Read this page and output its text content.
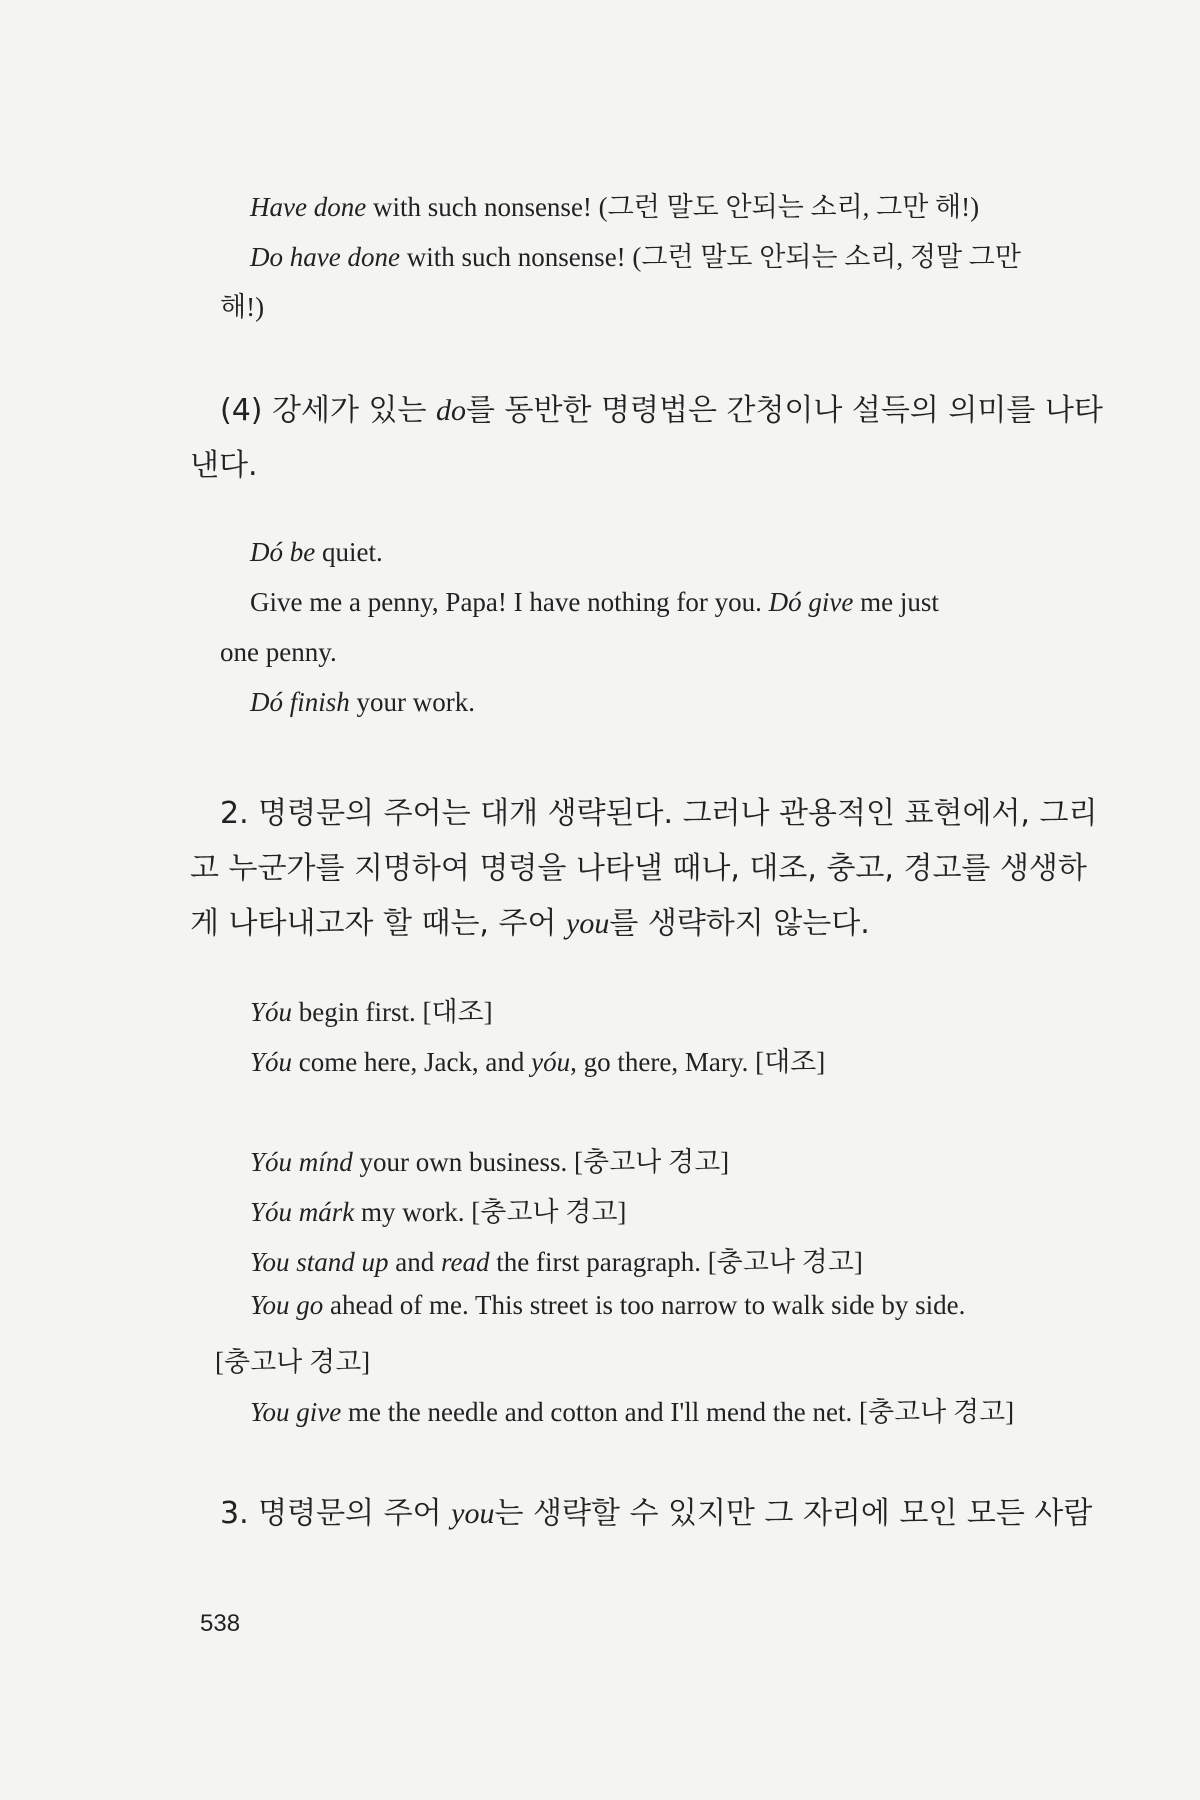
Have done with such nonsense! (그런 말도 안되는 소리, 그만 해!)
Do have done with such nonsense! (그런 말도 안되는 소리, 정말 그만
해!)
(4) 강세가 있는 do를 동반한 명령법은 간청이나 설득의 의미를 나타
낸다.
Dó be quiet.
Give me a penny, Papa! I have nothing for you. Dó give me just
one penny.
Dó finish your work.
2. 명령문의 주어는 대개 생략된다. 그러나 관용적인 표현에서, 그리
고 누군가를 지명하여 명령을 나타낼 때나, 대조, 충고, 경고를 생생하
게 나타내고자 할 때는, 주어 you를 생략하지 않는다.
Yóu begin first. [대조]
Yóu come here, Jack, and yóu, go there, Mary. [대조]
Yóu mínd your own business. [충고나 경고]
Yóu márk my work. [충고나 경고]
You stand up and read the first paragraph. [충고나 경고]
You go ahead of me. This street is too narrow to walk side by side.
[충고나 경고]
You give me the needle and cotton and I'll mend the net. [충고나 경고]
3. 명령문의 주어 you는 생략할 수 있지만 그 자리에 모인 모든 사람
538
